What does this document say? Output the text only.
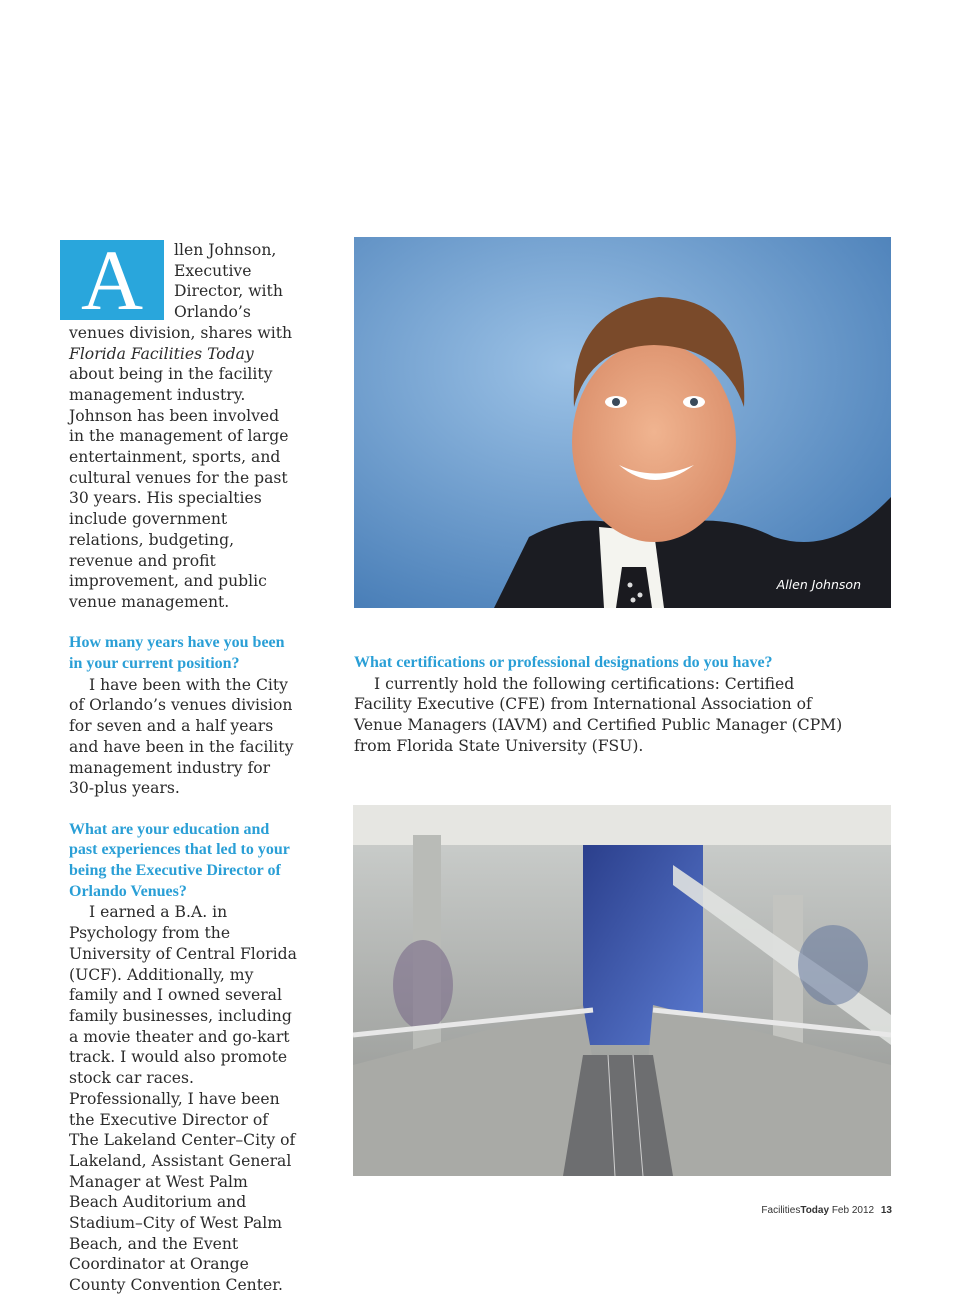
A	llen Johnson, Executive Director, with Orlando’s venues division, shares with Florida Facilities Today about being in the facility management industry. Johnson has been involved in the management of large entertainment, sports, and cultural venues for the past 30 years. His specialties include government relations, budgeting, revenue and profit improvement, and public venue management.

How many years have you been in your current position?

I have been with the City of Orlando’s venues division for seven and a half years and have been in the facility management industry for 30-plus years.

What are your education and past experiences that led to your being the Executive Director of Orlando Venues?

I earned a B.A. in Psychology from the University of Central Florida (UCF). Additionally, my family and I owned several family businesses, including a movie theater and go-kart track. I would also promote stock car races. Professionally, I have been the Executive Director of The Lakeland Center–City of Lakeland, Assistant General Manager at West Palm Beach Auditorium and Stadium–City of West Palm Beach, and the Event Coordinator at Orange County Convention Center.

Allen Johnson

What certifications or professional designations do you have?

I currently hold the following certifications: Certified Facility Executive (CFE) from International Association of Venue Managers (IAVM) and Certified Public Manager (CPM) from Florida State University (FSU).

FacilitiesToday Feb 2012 13
